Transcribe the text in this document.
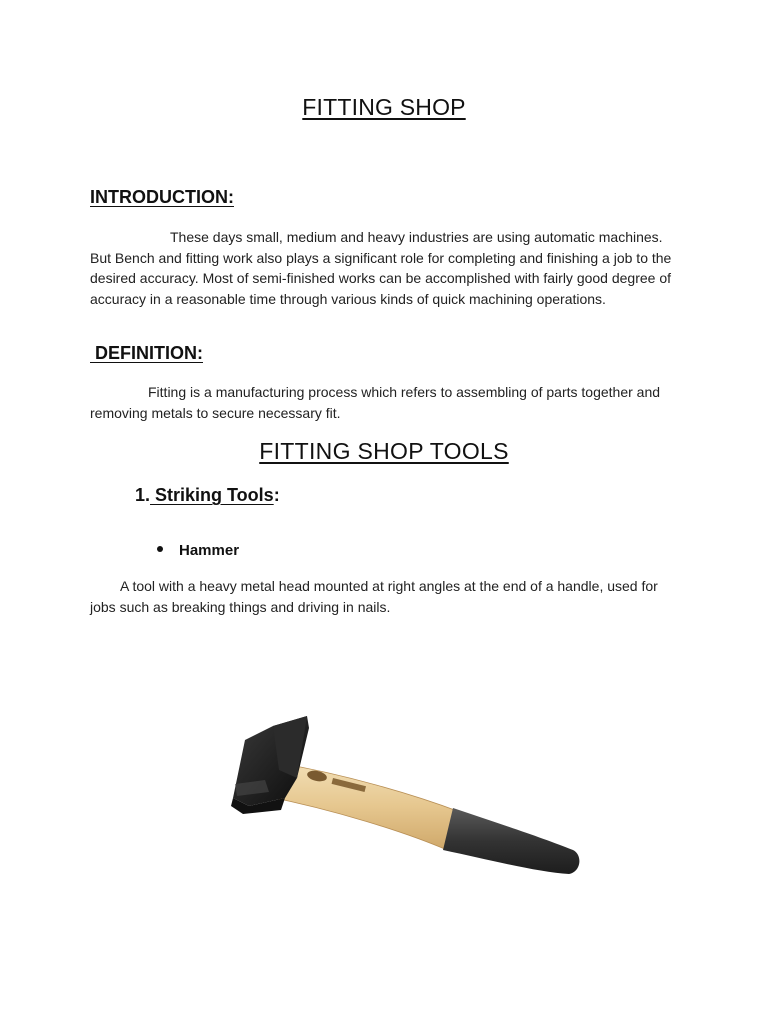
FITTING SHOP
INTRODUCTION:
These days small, medium and heavy industries are using automatic machines. But Bench and fitting work also plays a significant role for completing and finishing a job to the desired accuracy. Most of semi-finished works can be accomplished with fairly good degree of accuracy in a reasonable time through various kinds of quick machining operations.
DEFINITION:
Fitting is a manufacturing process which refers to assembling of parts together and removing metals to secure necessary fit.
FITTING SHOP TOOLS
1. Striking Tools:
Hammer
A tool with a heavy metal head mounted at right angles at the end of a handle, used for jobs such as breaking things and driving in nails.
